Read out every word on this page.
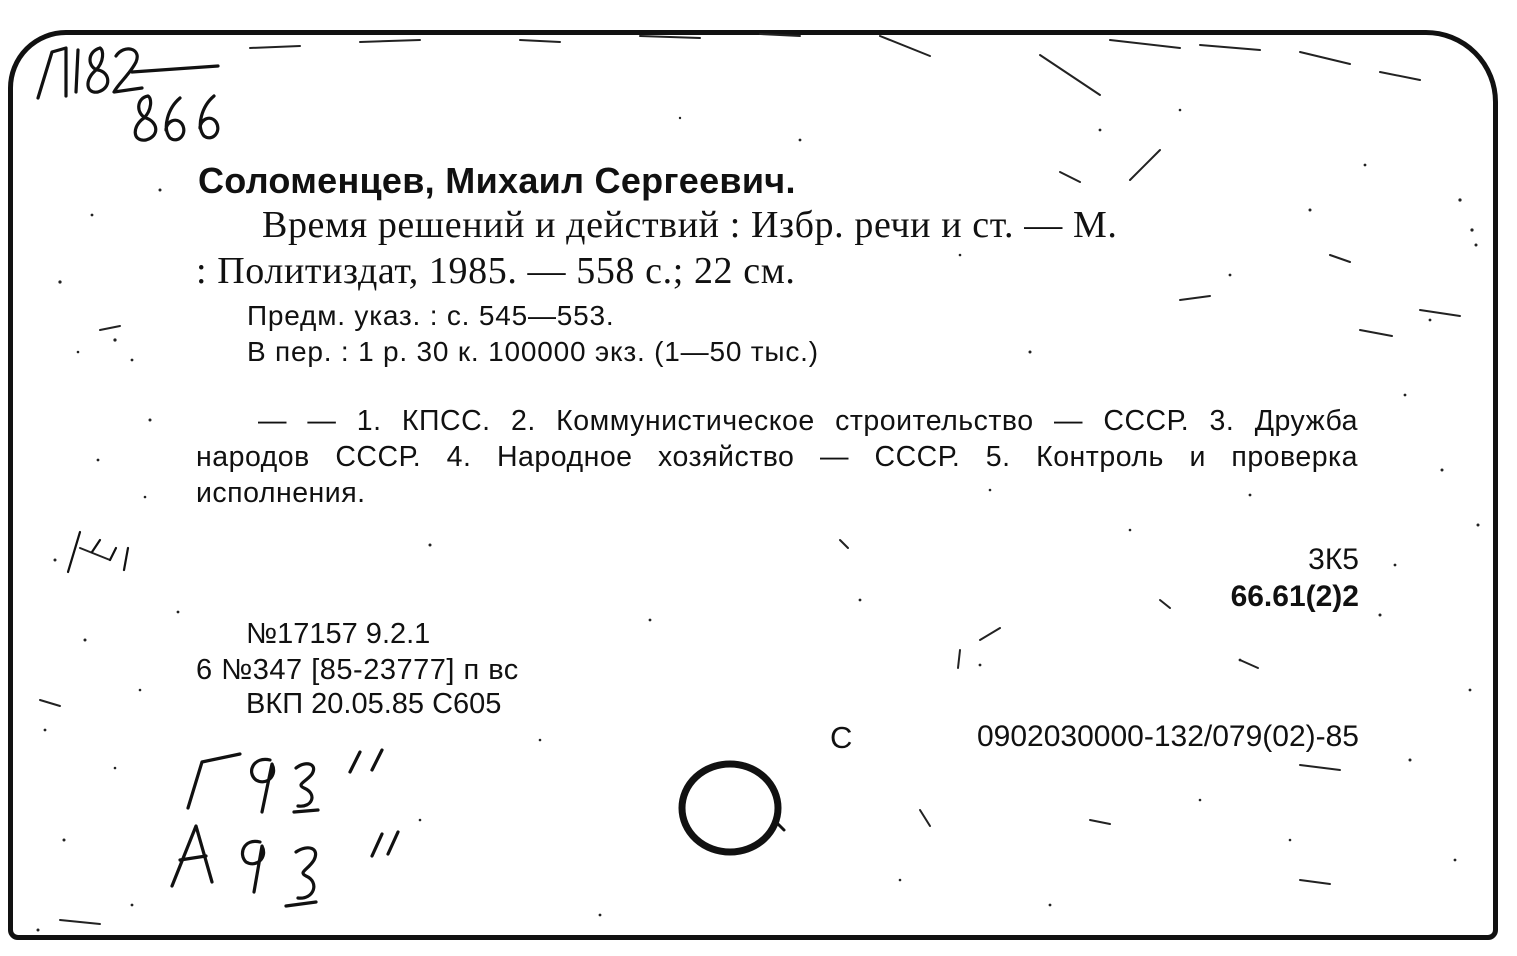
Соломенцев, Михаил Сергеевич.
Время решений и действий : Избр. речи и ст. — М.
: Политиздат, 1985. — 558 с.; 22 см.
Предм. указ. : с. 545—553.
В пер. : 1 р. 30 к. 100000 экз. (1—50 тыс.)
— — 1. КПСС. 2. Коммунистическое строительство — СССР. 3. Дружба народов СССР. 4. Народное хозяйство — СССР. 5. Контроль и проверка исполнения.
3К5
66.61(2)2
№17157 9.2.1
6 №347 [85-23777] п вс
ВКП 20.05.85 С605
С	0902030000-132/079(02)-85
